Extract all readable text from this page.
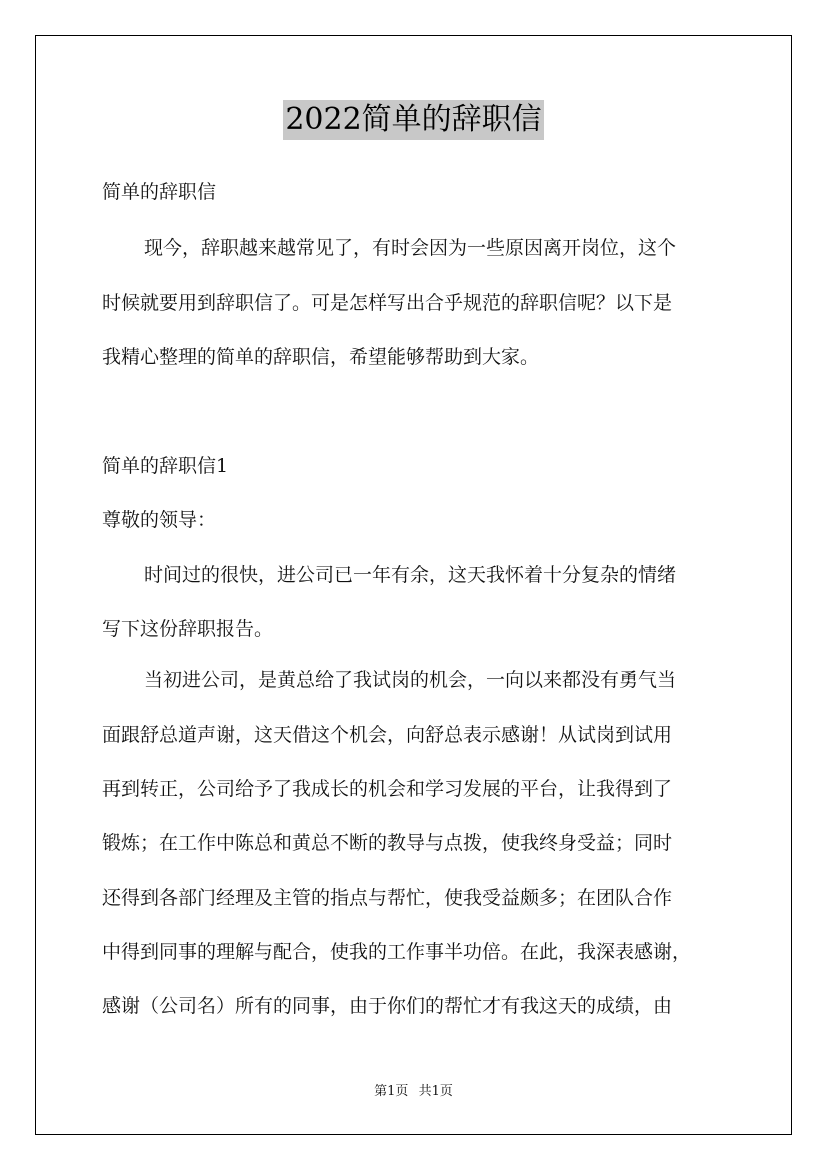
2022简单的辞职信
简单的辞职信
现今，辞职越来越常见了，有时会因为一些原因离开岗位，这个
时候就要用到辞职信了。可是怎样写出合乎规范的辞职信呢？以下是
我精心整理的简单的辞职信，希望能够帮助到大家。
简单的辞职信1
尊敬的领导：
时间过的很快，进公司已一年有余，这天我怀着十分复杂的情绪
写下这份辞职报告。
当初进公司，是黄总给了我试岗的机会，一向以来都没有勇气当
面跟舒总道声谢，这天借这个机会，向舒总表示感谢！从试岗到试用
再到转正，公司给予了我成长的机会和学习发展的平台，让我得到了
锻炼；在工作中陈总和黄总不断的教导与点拨，使我终身受益；同时
还得到各部门经理及主管的指点与帮忙，使我受益颇多；在团队合作
中得到同事的理解与配合，使我的工作事半功倍。在此，我深表感谢，
感谢（公司名）所有的同事，由于你们的帮忙才有我这天的成绩，由
第1页 共1页
